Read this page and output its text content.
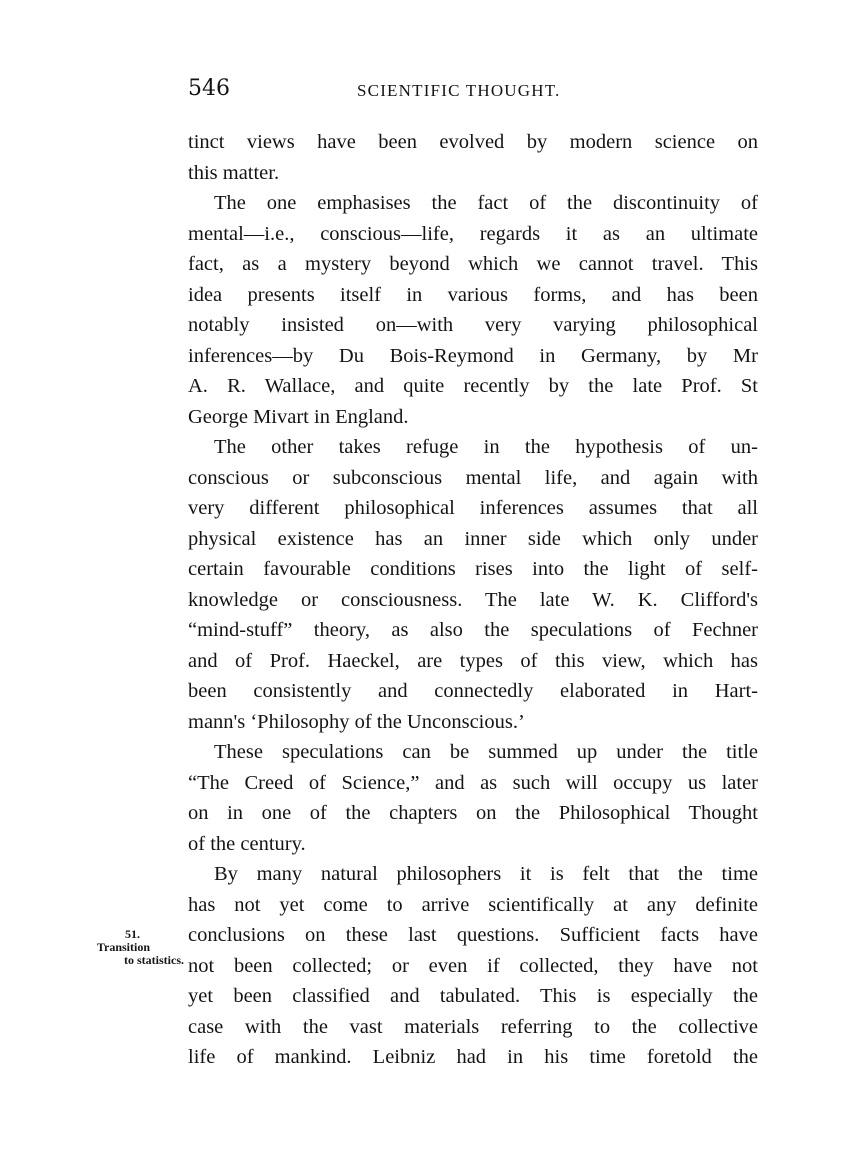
546	SCIENTIFIC THOUGHT.
tinct views have been evolved by modern science on
this matter.
The one emphasises the fact of the discontinuity of
mental—i.e., conscious—life, regards it as an ultimate
fact, as a mystery beyond which we cannot travel. This
idea presents itself in various forms, and has been
notably insisted on—with very varying philosophical
inferences—by Du Bois-Reymond in Germany, by Mr
A. R. Wallace, and quite recently by the late Prof. St
George Mivart in England.
The other takes refuge in the hypothesis of un-
conscious or subconscious mental life, and again with
very different philosophical inferences assumes that all
physical existence has an inner side which only under
certain favourable conditions rises into the light of self-
knowledge or consciousness. The late W. K. Clifford's
“mind-stuff” theory, as also the speculations of Fechner
and of Prof. Haeckel, are types of this view, which has
been consistently and connectedly elaborated in Hart-
mann's ‘Philosophy of the Unconscious.’
These speculations can be summed up under the title
“The Creed of Science,” and as such will occupy us later
on in one of the chapters on the Philosophical Thought
of the century.
By many natural philosophers it is felt that the time
has not yet come to arrive scientifically at any definite
conclusions on these last questions. Sufficient facts have
not been collected; or even if collected, they have not
yet been classified and tabulated. This is especially the
case with the vast materials referring to the collective
life of mankind. Leibniz had in his time foretold the
51.
Transition
to statistics.
